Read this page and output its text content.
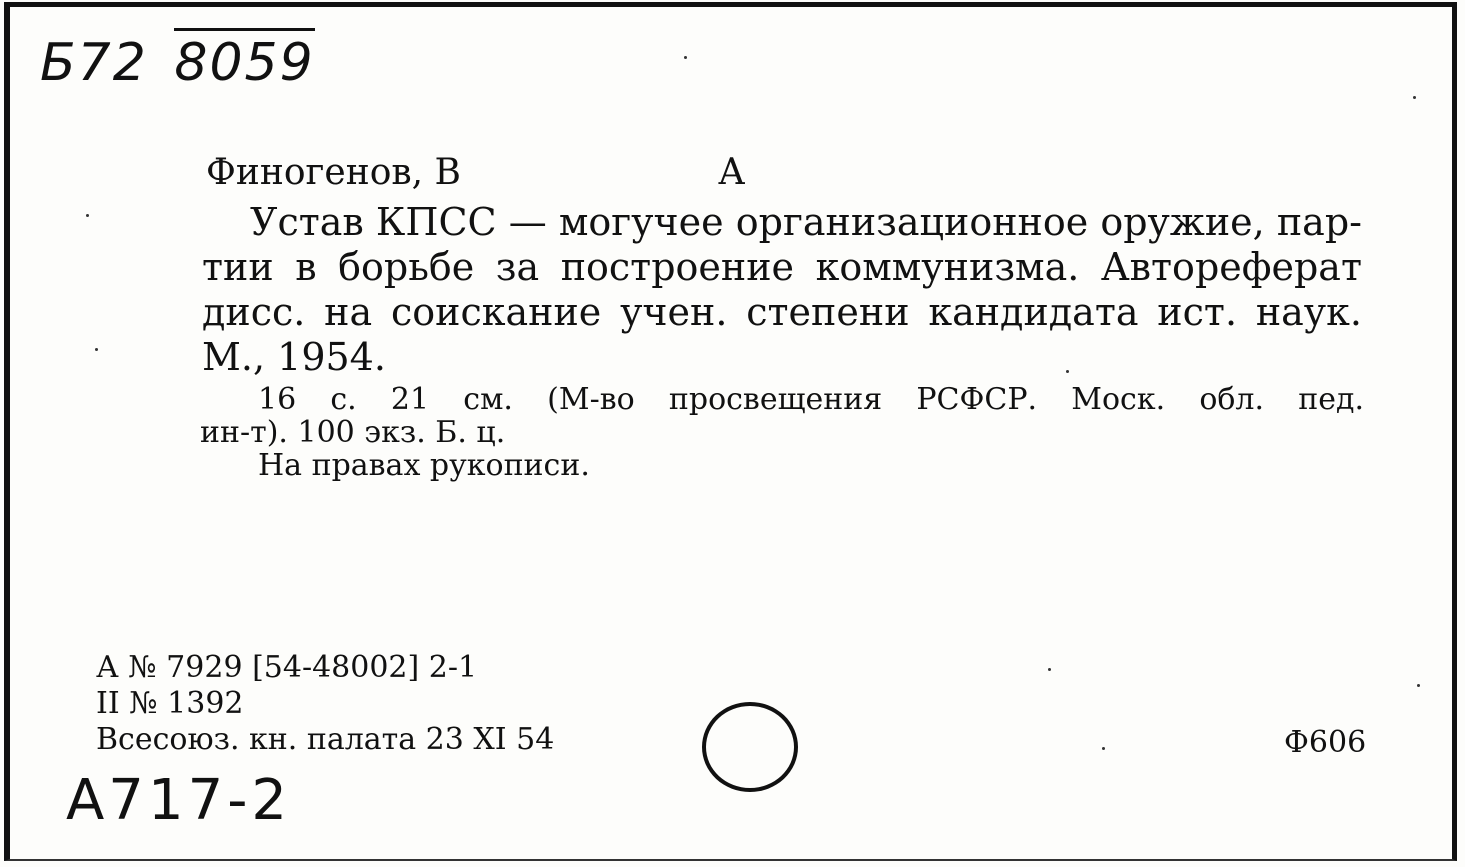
Б72 8059
Финогенов, В	А
Устав КПСС — могучее организационное оружие, пар-
тии в борьбе за построение коммунизма. Автореферат
дисс. на соискание учен. степени кандидата ист. наук.
М., 1954.
16 с. 21 см. (М-во просвещения РСФСР. Моск. обл. пед.
ин-т). 100 экз. Б. ц.
На правах рукописи.
А № 7929 [54-48002] 2-1
II № 1392
Всесоюз. кн. палата 23 XI 54	Ф606
А717-2
